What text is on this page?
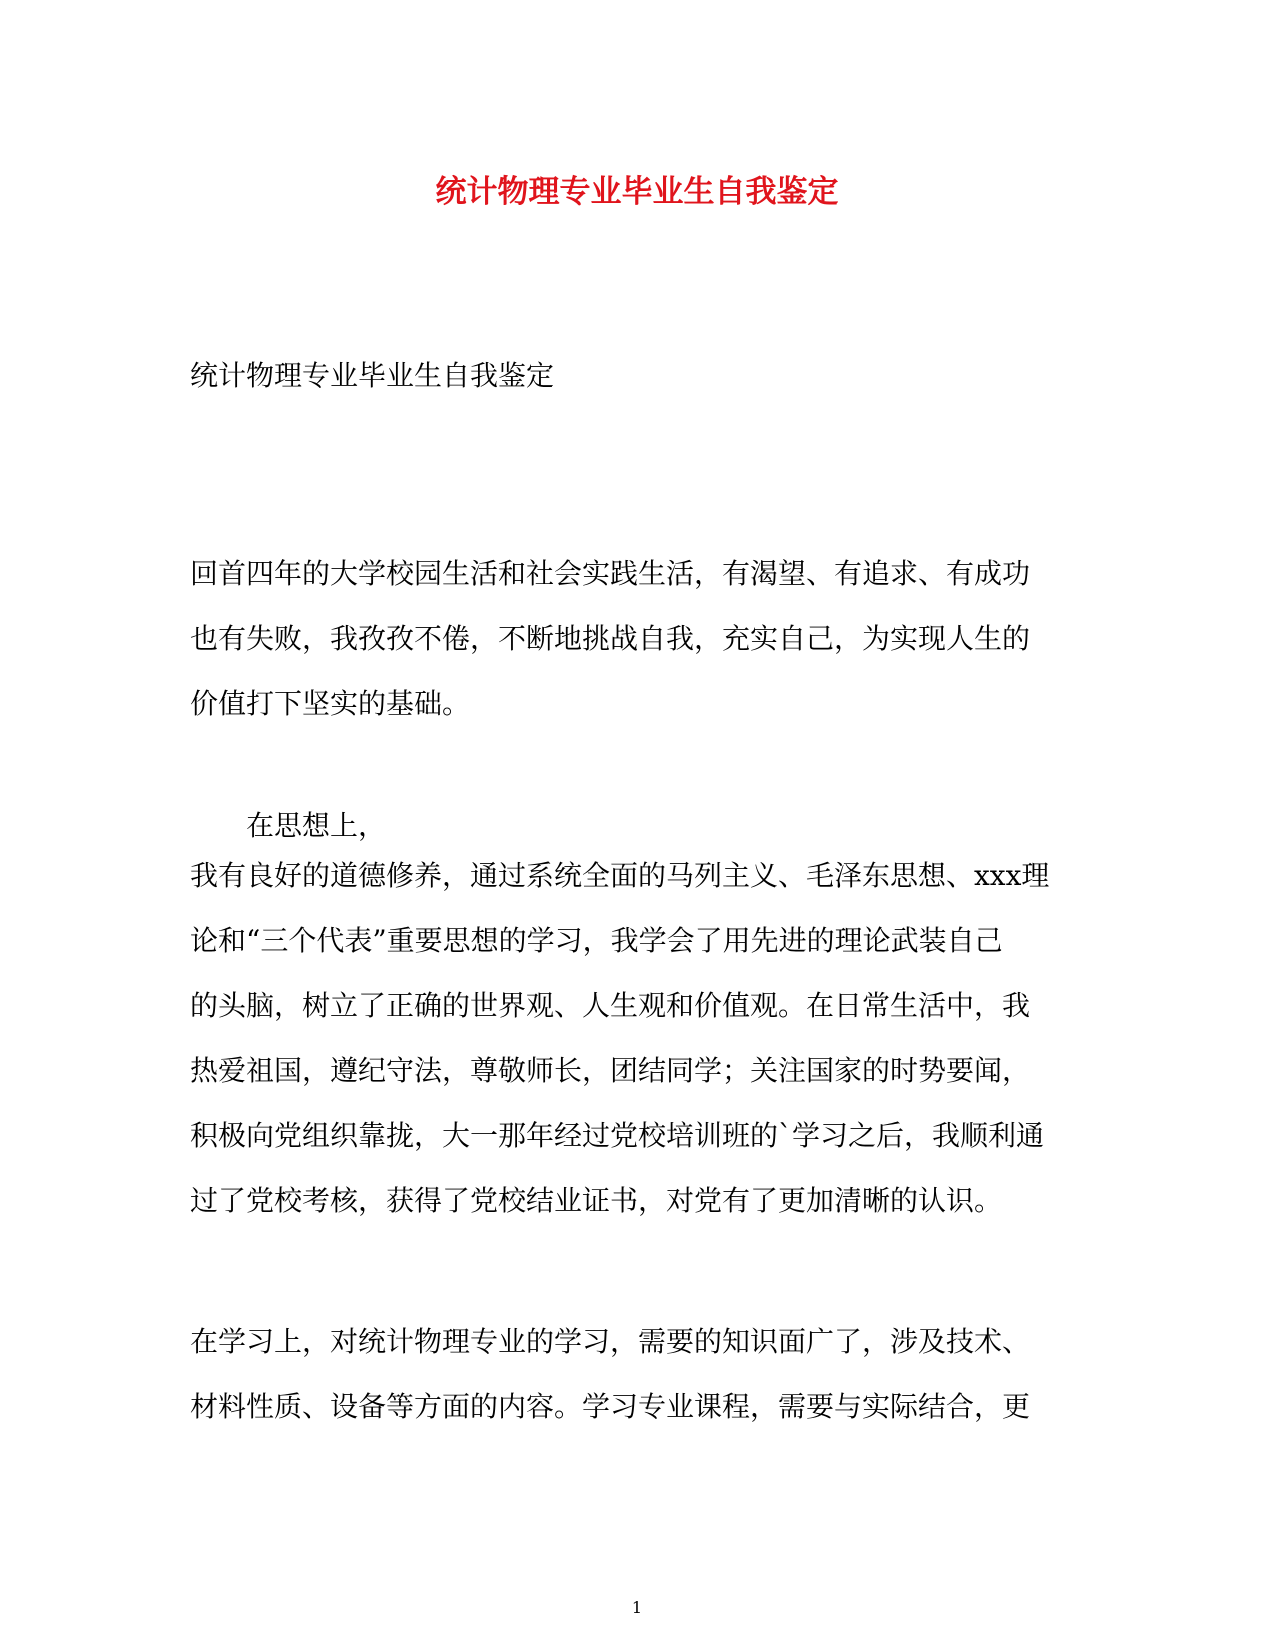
统计物理专业毕业生自我鉴定
统计物理专业毕业生自我鉴定
回首四年的大学校园生活和社会实践生活，有渴望、有追求、有成功
也有失败，我孜孜不倦，不断地挑战自我，充实自己，为实现人生的
价值打下坚实的基础。
在思想上，
我有良好的道德修养，通过系统全面的马列主义、毛泽东思想、xxx理
论和“三个代表”重要思想的学习，我学会了用先进的理论武装自己
的头脑，树立了正确的世界观、人生观和价值观。在日常生活中，我
热爱祖国，遵纪守法，尊敬师长，团结同学；关注国家的时势要闻，
积极向党组织靠拢，大一那年经过党校培训班的`学习之后，我顺利通
过了党校考核，获得了党校结业证书，对党有了更加清晰的认识。
在学习上，对统计物理专业的学习，需要的知识面广了，涉及技术、
材料性质、设备等方面的内容。学习专业课程，需要与实际结合，更
1
